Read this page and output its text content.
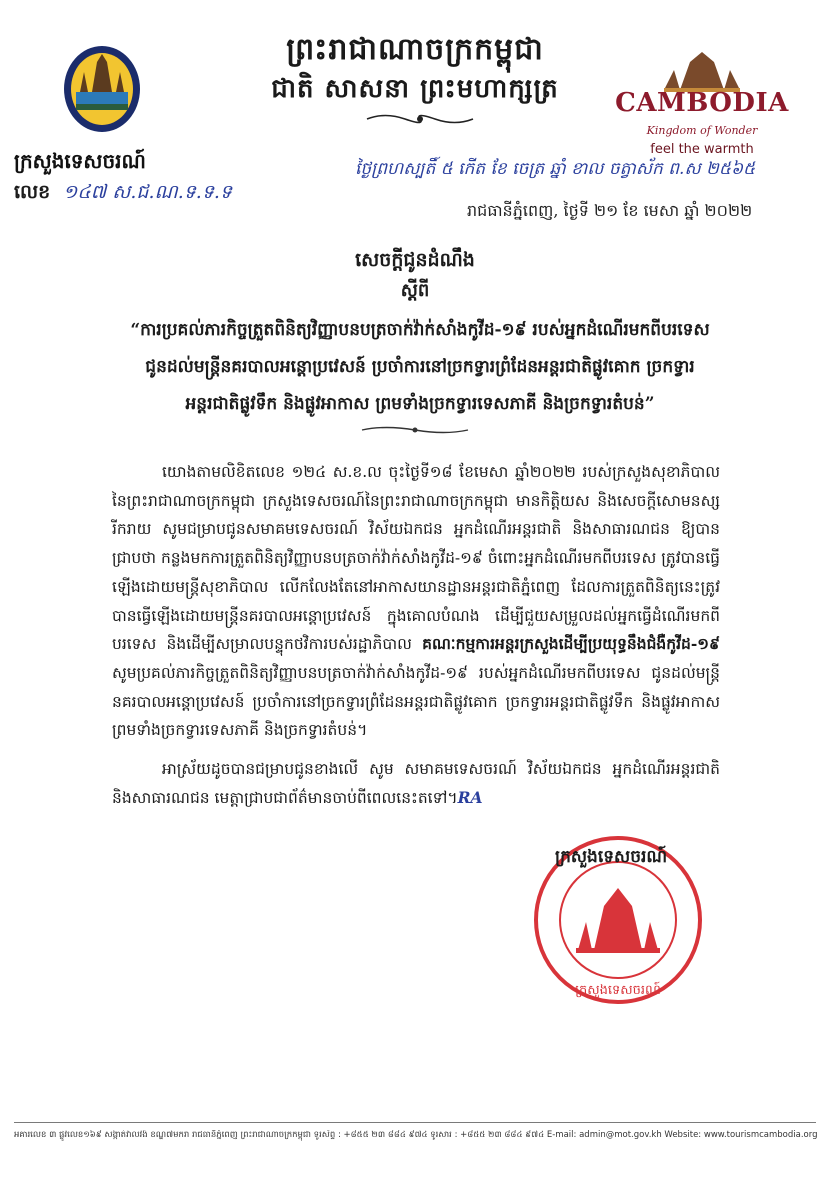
ព្រះរាជាណាចក្រកម្ពុជា
ជាតិ សាសនា ព្រះមហាក្សត្រ
ក្រសួងទេសចរណ៍
លេខ ១៤៧ ស.ជ.ណ.ទ.ទ.ទ
CAMBODIA
Kingdom of Wonder
feel the warmth
ថ្ងៃព្រហស្បតិ៍ ៥ កើត ខែ ចេត្រ ឆ្នាំ ខាល ចត្វាស័ក ព.ស ២៥៦៥
រាជធានីភ្នំពេញ, ថ្ងៃទី ២១ ខែ មេសា ឆ្នាំ ២០២២
សេចក្តីជូនដំណឹង
ស្តីពី
“ការប្រគល់ភារកិច្ចត្រួតពិនិត្យវិញ្ញាបនបត្រចាក់វ៉ាក់សាំងកូវីដ-១៩ របស់អ្នកដំណើរមកពីបរទេស ជូនដល់មន្ត្រីនគរបាលអន្តោប្រវេសន៍ ប្រចាំការនៅច្រកទ្វារព្រំដែនអន្តរជាតិផ្លូវគោក ច្រកទ្វារ អន្តរជាតិផ្លូវទឹក និងផ្លូវអាកាស ព្រមទាំងច្រកទ្វារទេសភាគី និងច្រកទ្វារតំបន់”

យោងតាមលិខិតលេខ ១២៤ ស.ខ.ល ចុះថ្ងៃទី១៨ ខែមេសា ឆ្នាំ២០២២ របស់ក្រសួងសុខាភិបាលនៃព្រះរាជាណាចក្រកម្ពុជា ក្រសួងទេសចរណ៍នៃព្រះរាជាណាចក្រកម្ពុជា មានកិត្តិយស និងសេចក្តីសោមនស្សរីករាយ សូមជម្រាបជូនសមាគមទេសចរណ៍ វិស័យឯកជន អ្នកដំណើរអន្តរជាតិ និងសាធារណជន ឱ្យបានជ្រាបថា កន្លងមកការត្រួតពិនិត្យវិញ្ញាបនបត្រចាក់វ៉ាក់សាំងកូវីដ-១៩ ចំពោះអ្នកដំណើរមកពីបរទេស ត្រូវបានធ្វើឡើងដោយមន្ត្រីសុខាភិបាល លើកលែងតែនៅអាកាសយានដ្ឋានអន្តរជាតិភ្នំពេញ ដែលការត្រួតពិនិត្យនេះត្រូវបានធ្វើឡើងដោយមន្ត្រីនគរបាលអន្តោប្រវេសន៍ ក្នុងគោលបំណង ដើម្បីជួយសម្រួលដល់អ្នកធ្វើដំណើរមកពីបរទេស និងដើម្បីសម្រាលបន្ទុកថវិការបស់រដ្ឋាភិបាល គណៈកម្មការអន្តរក្រសួងដើម្បីប្រយុទ្ធនឹងជំងឺកូវីដ-១៩ សូមប្រគល់ភារកិច្ចត្រួតពិនិត្យវិញ្ញាបនបត្រចាក់វ៉ាក់សាំងកូវីដ-១៩ របស់អ្នកដំណើរមកពីបរទេស ជូនដល់មន្ត្រីនគរបាលអន្តោប្រវេសន៍ ប្រចាំការនៅច្រកទ្វារព្រំដែនអន្តរជាតិផ្លូវគោក ច្រកទ្វារអន្តរជាតិផ្លូវទឹក និងផ្លូវអាកាស ព្រមទាំងច្រកទ្វារទេសភាគី និងច្រកទ្វារតំបន់។

អាស្រ័យដូចបានជម្រាបជូនខាងលើ សូម សមាគមទេសចរណ៍ វិស័យឯកជន អ្នកដំណើរអន្តរជាតិ និងសាធារណជន មេត្តាជ្រាបជាព័ត៌មានចាប់ពីពេលនេះតទៅ។RA

ក្រសួងទេសចរណ៍
ក្រសួងទេសចរណ៍
អគារលេខ ៣ ផ្លូវលេខ១៦៩ សង្កាត់វាលវង់ ខណ្ឌ៧មករា រាជធានីភ្នំពេញ ព្រះរាជាណាចក្រកម្ពុជា ទូរស័ព្ទ : +៨៥៥ ២៣ ៨៨៤ ៩៧៤ ទូរសារ : +៨៥៥ ២៣ ៨៨៤ ៩៧៤ E-mail: admin@mot.gov.kh Website: www.tourismcambodia.org
